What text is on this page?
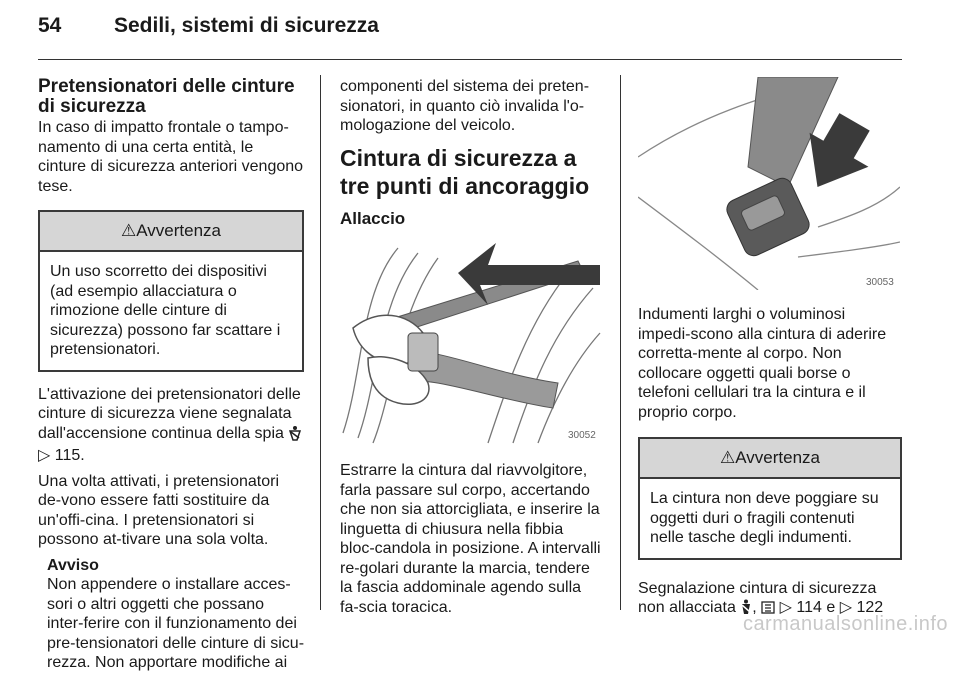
54	Sedili, sistemi di sicurezza

Pretensionatori delle cinture di sicurezza

In caso di impatto frontale o tampo-namento di una certa entità, le cinture di sicurezza anteriori vengono tese.

⚠Avvertenza
Un uso scorretto dei dispositivi (ad esempio allacciatura o rimozione delle cinture di sicurezza) possono far scattare i pretensionatori.

L'attivazione dei pretensionatori delle cinture di sicurezza viene segnalata dall'accensione continua della spia
▷ 115.

Una volta attivati, i pretensionatori de-vono essere fatti sostituire da un'offi-cina. I pretensionatori si possono at-tivare una sola volta.

Avviso

Non appendere o installare acces-sori o altri oggetti che possano inter-ferire con il funzionamento dei pre-tensionatori delle cinture di sicu-rezza. Non apportare modifiche ai

componenti del sistema dei preten-sionatori, in quanto ciò invalida l'o-mologazione del veicolo.

Cintura di sicurezza a tre punti di ancoraggio

Allaccio

30052

Estrarre la cintura dal riavvolgitore, farla passare sul corpo, accertando che non sia attorcigliata, e inserire la linguetta di chiusura nella fibbia bloc-candola in posizione. A intervalli re-golari durante la marcia, tendere la fascia addominale agendo sulla fa-scia toracica.

30053

Indumenti larghi o voluminosi impedi-scono alla cintura di aderire corretta-mente al corpo. Non collocare oggetti quali borse o telefoni cellulari tra la cintura e il proprio corpo.

⚠Avvertenza
La cintura non deve poggiare su oggetti duri o fragili contenuti nelle tasche degli indumenti.

Segnalazione cintura di sicurezza non allacciata ,  ▷ 114 e ▷ 122

carmanualsonline.info
